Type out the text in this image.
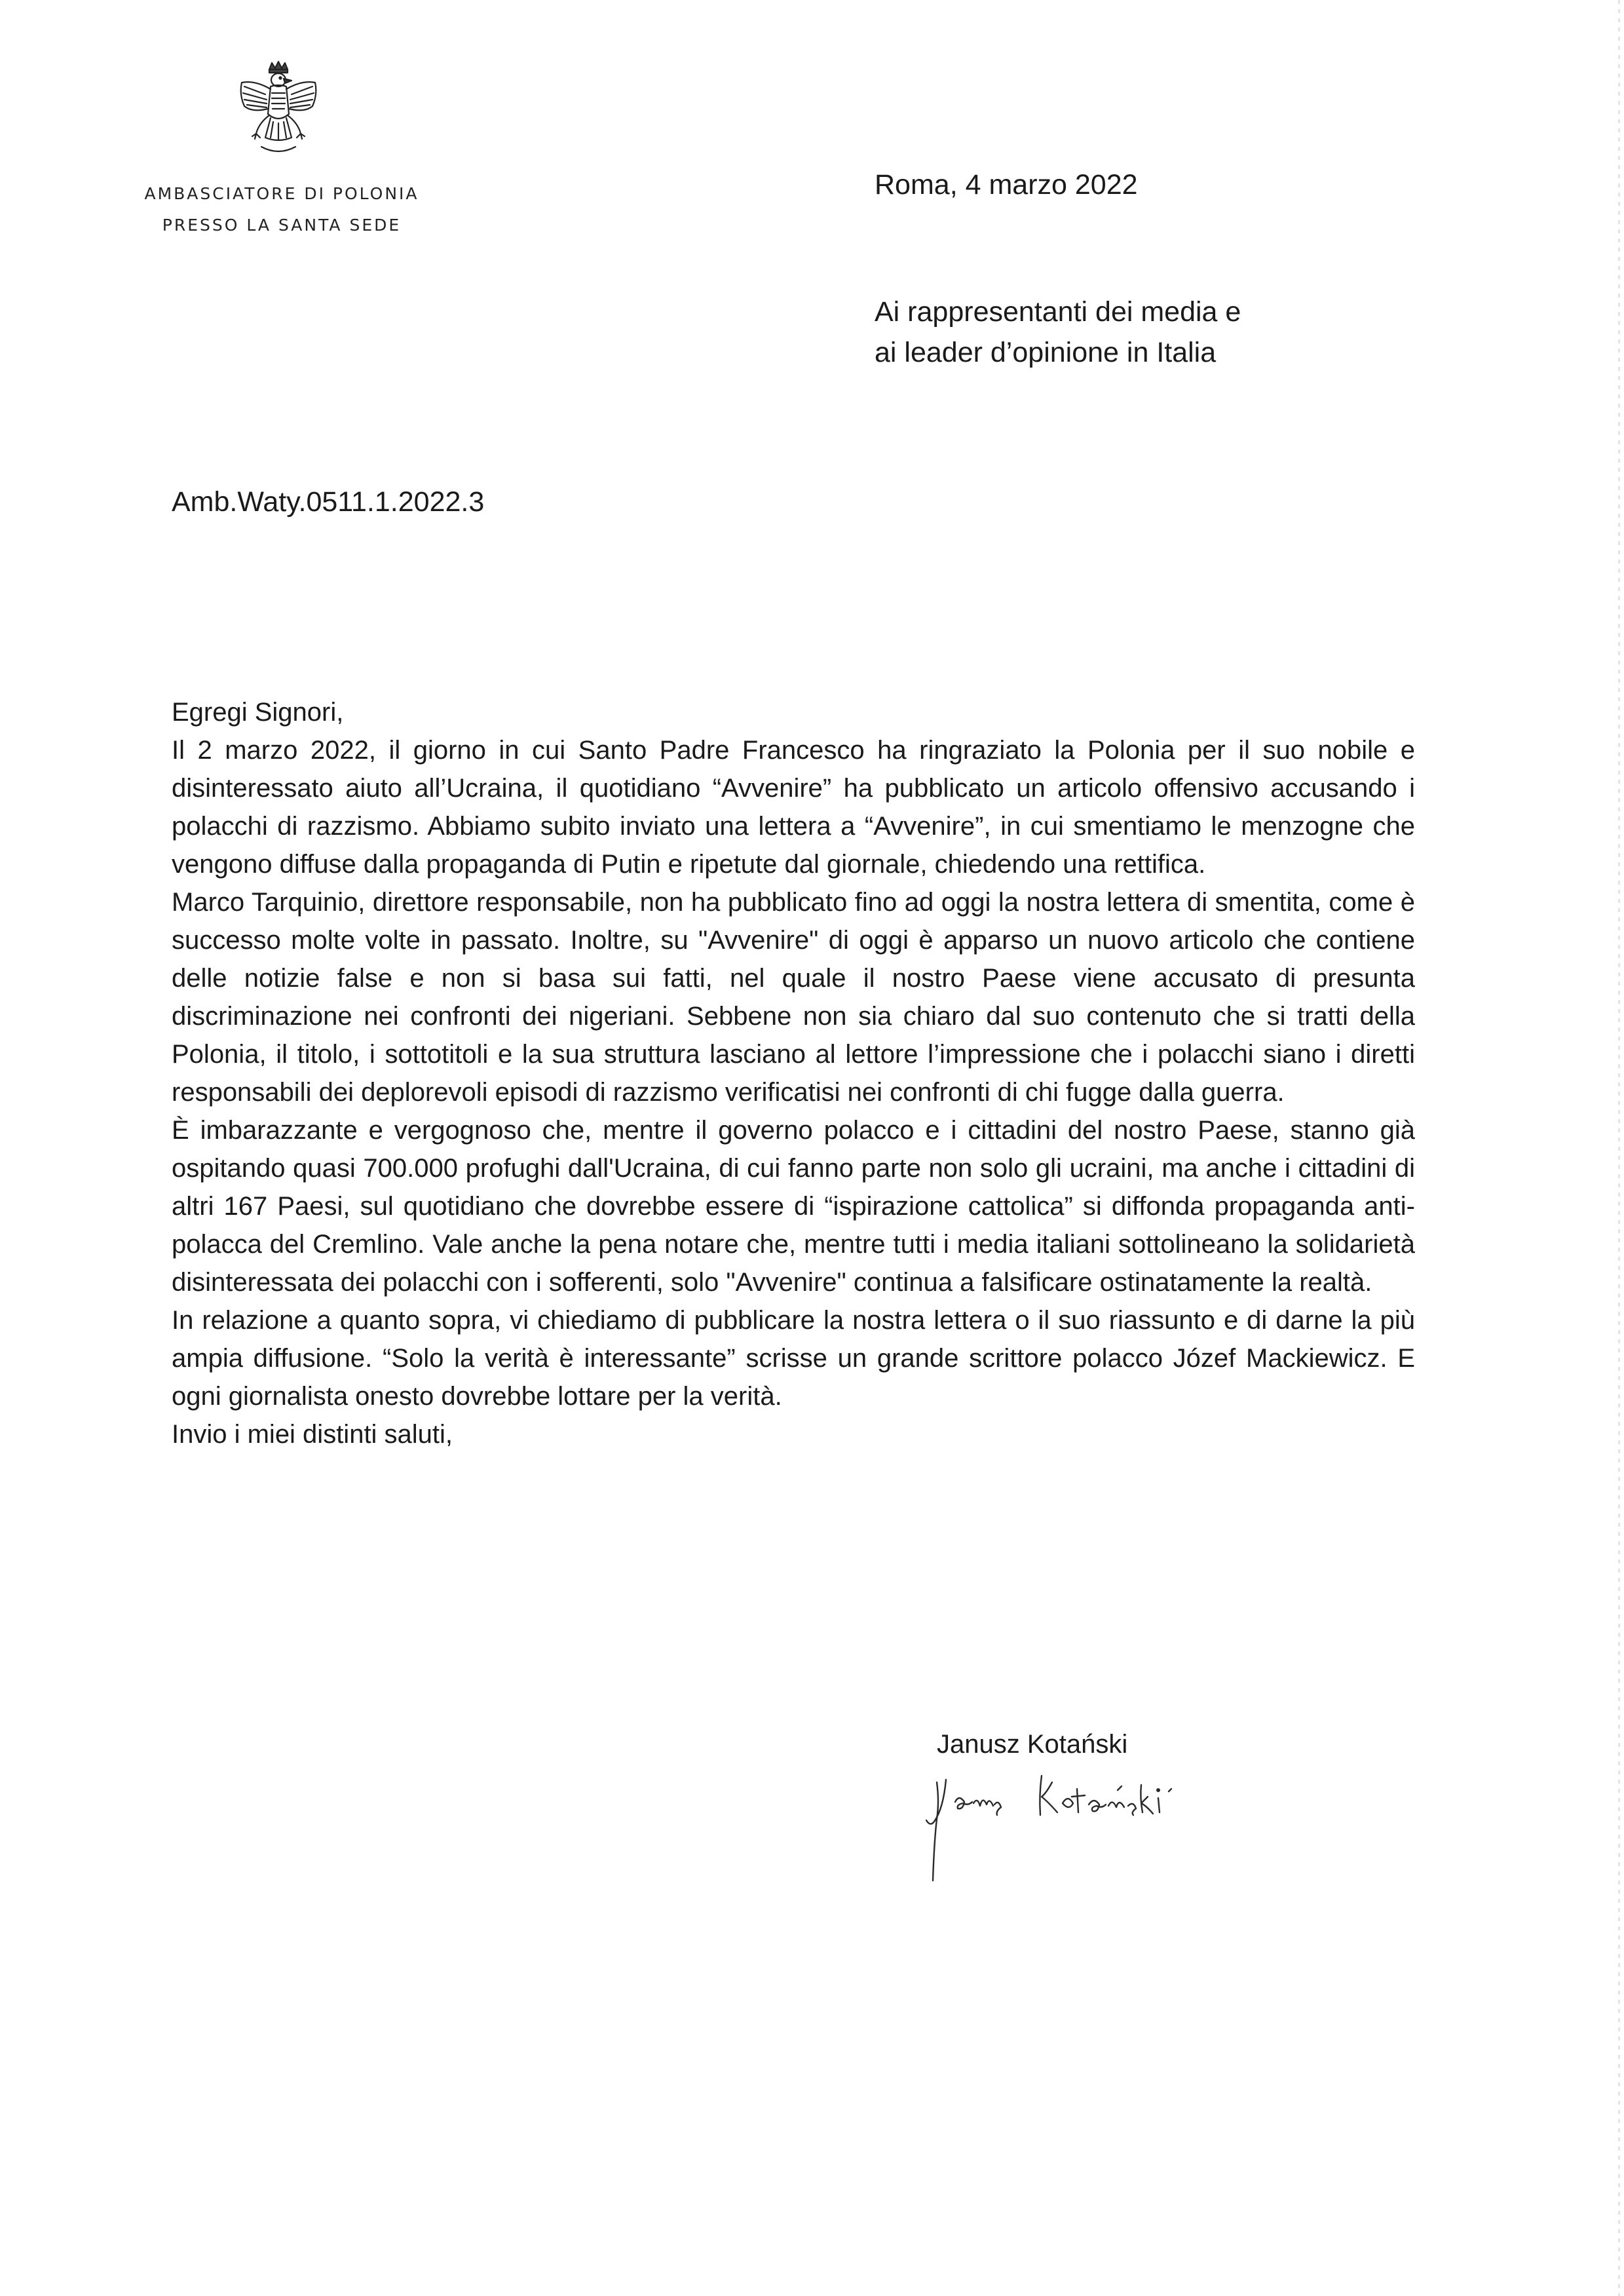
AMBASCIATORE DI POLONIA
PRESSO LA SANTA SEDE
Roma, 4 marzo 2022
Ai rappresentanti dei media e
ai leader d’opinione in Italia
Amb.Waty.0511.1.2022.3

Egregi Signori,

Il 2 marzo 2022, il giorno in cui Santo Padre Francesco ha ringraziato la Polonia per il suo nobile e disinteressato aiuto all’Ucraina, il quotidiano “Avvenire” ha pubblicato un articolo offensivo accusando i polacchi di razzismo. Abbiamo subito inviato una lettera a “Avvenire”, in cui smentiamo le menzogne che vengono diffuse dalla propaganda di Putin e ripetute dal giornale, chiedendo una rettifica.

Marco Tarquinio, direttore responsabile, non ha pubblicato fino ad oggi la nostra lettera di smentita, come è successo molte volte in passato. Inoltre, su "Avvenire" di oggi è apparso un nuovo articolo che contiene delle notizie false e non si basa sui fatti, nel quale il nostro Paese viene accusato di presunta discriminazione nei confronti dei nigeriani. Sebbene non sia chiaro dal suo contenuto che si tratti della Polonia, il titolo, i sottotitoli e la sua struttura lasciano al lettore l’impressione che i polacchi siano i diretti responsabili dei deplorevoli episodi di razzismo verificatisi nei confronti di chi fugge dalla guerra.

È imbarazzante e vergognoso che, mentre il governo polacco e i cittadini del nostro Paese, stanno già ospitando quasi 700.000 profughi dall'Ucraina, di cui fanno parte non solo gli ucraini, ma anche i cittadini di altri 167 Paesi, sul quotidiano che dovrebbe essere di “ispirazione cattolica” si diffonda propaganda anti-polacca del Cremlino. Vale anche la pena notare che, mentre tutti i media italiani sottolineano la solidarietà disinteressata dei polacchi con i sofferenti, solo "Avvenire" continua a falsificare ostinatamente la realtà.

In relazione a quanto sopra, vi chiediamo di pubblicare la nostra lettera o il suo riassunto e di darne la più ampia diffusione. “Solo la verità è interessante” scrisse un grande scrittore polacco Józef Mackiewicz. E ogni giornalista onesto dovrebbe lottare per la verità.

Invio i miei distinti saluti,

Janusz Kotański
